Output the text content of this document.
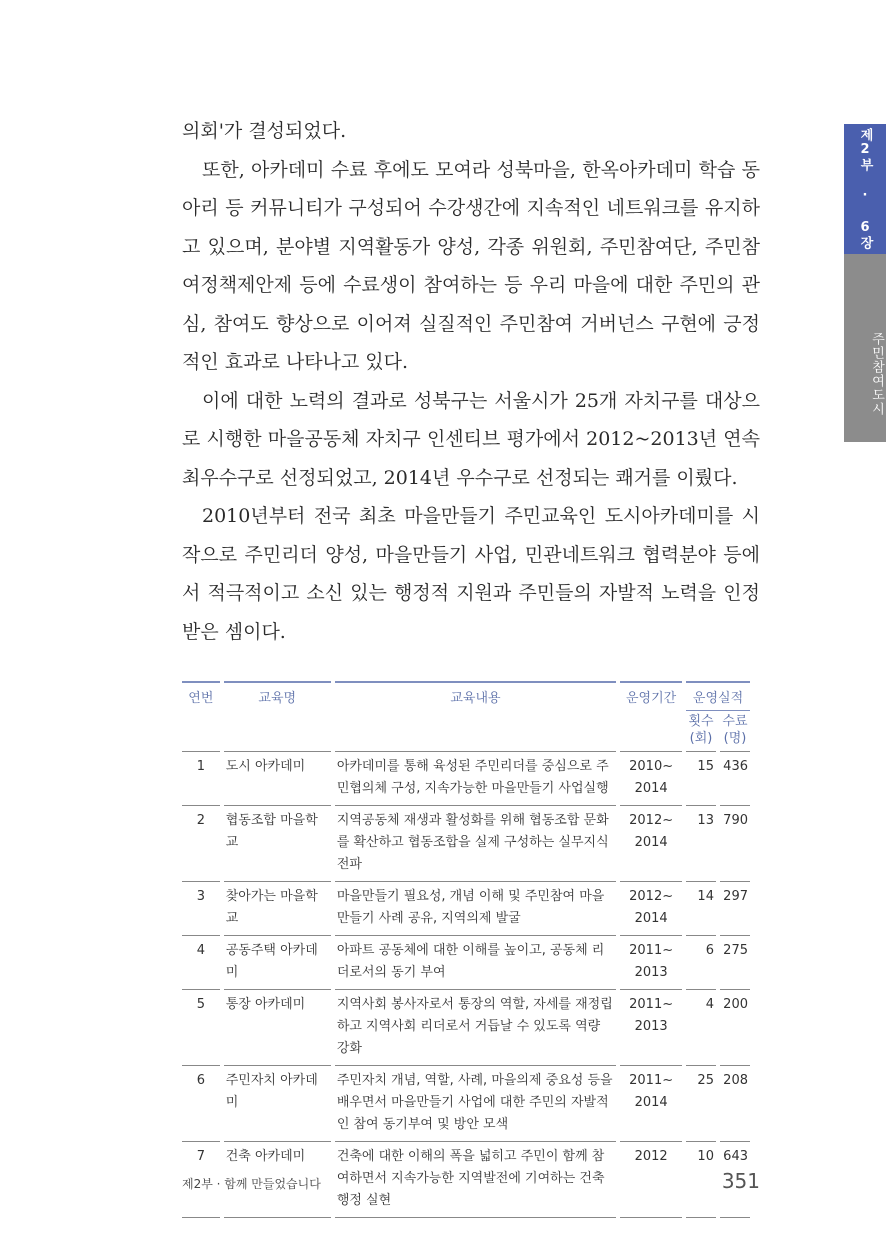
제2부 · 6장
주민참여도시

의회'가 결성되었다.

또한, 아카데미 수료 후에도 모여라 성북마을, 한옥아카데미 학습 동아리 등 커뮤니티가 구성되어 수강생간에 지속적인 네트워크를 유지하고 있으며, 분야별 지역활동가 양성, 각종 위원회, 주민참여단, 주민참여정책제안제 등에 수료생이 참여하는 등 우리 마을에 대한 주민의 관심, 참여도 향상으로 이어져 실질적인 주민참여 거버넌스 구현에 긍정적인 효과로 나타나고 있다.

이에 대한 노력의 결과로 성북구는 서울시가 25개 자치구를 대상으로 시행한 마을공동체 자치구 인센티브 평가에서 2012~2013년 연속 최우수구로 선정되었고, 2014년 우수구로 선정되는 쾌거를 이뤘다.

2010년부터 전국 최초 마을만들기 주민교육인 도시아카데미를 시작으로 주민리더 양성, 마을만들기 사업, 민관네트워크 협력분야 등에서 적극적이고 소신 있는 행정적 지원과 주민들의 자발적 노력을 인정받은 셈이다.

연번	교육명	교육내용	운영기간	운영실적	
				횟수 (회)	수료 (명)
1	도시 아카데미	아카데미를 통해 육성된 주민리더를 중심으로 주민협의체 구성, 지속가능한 마을만들기 사업실행	2010~ 2014	15	436
2	협동조합 마을학교	지역공동체 재생과 활성화를 위해 협동조합 문화를 확산하고 협동조합을 실제 구성하는 실무지식 전파	2012~ 2014	13	790
3	찾아가는 마을학교	마을만들기 필요성, 개념 이해 및 주민참여 마을만들기 사례 공유, 지역의제 발굴	2012~ 2014	14	297
4	공동주택 아카데미	아파트 공동체에 대한 이해를 높이고, 공동체 리더로서의 동기 부여	2011~ 2013	6	275
5	통장 아카데미	지역사회 봉사자로서 통장의 역할, 자세를 재정립하고 지역사회 리더로서 거듭날 수 있도록 역량 강화	2011~ 2013	4	200
6	주민자치 아카데미	주민자치 개념, 역할, 사례, 마을의제 중요성 등을 배우면서 마을만들기 사업에 대한 주민의 자발적인 참여 동기부여 및 방안 모색	2011~ 2014	25	208
7	건축 아카데미	건축에 대한 이해의 폭을 넓히고 주민이 함께 참여하면서 지속가능한 지역발전에 기여하는 건축행정 실현	2012	10	643
제2부 · 함께 만들었습니다	351
